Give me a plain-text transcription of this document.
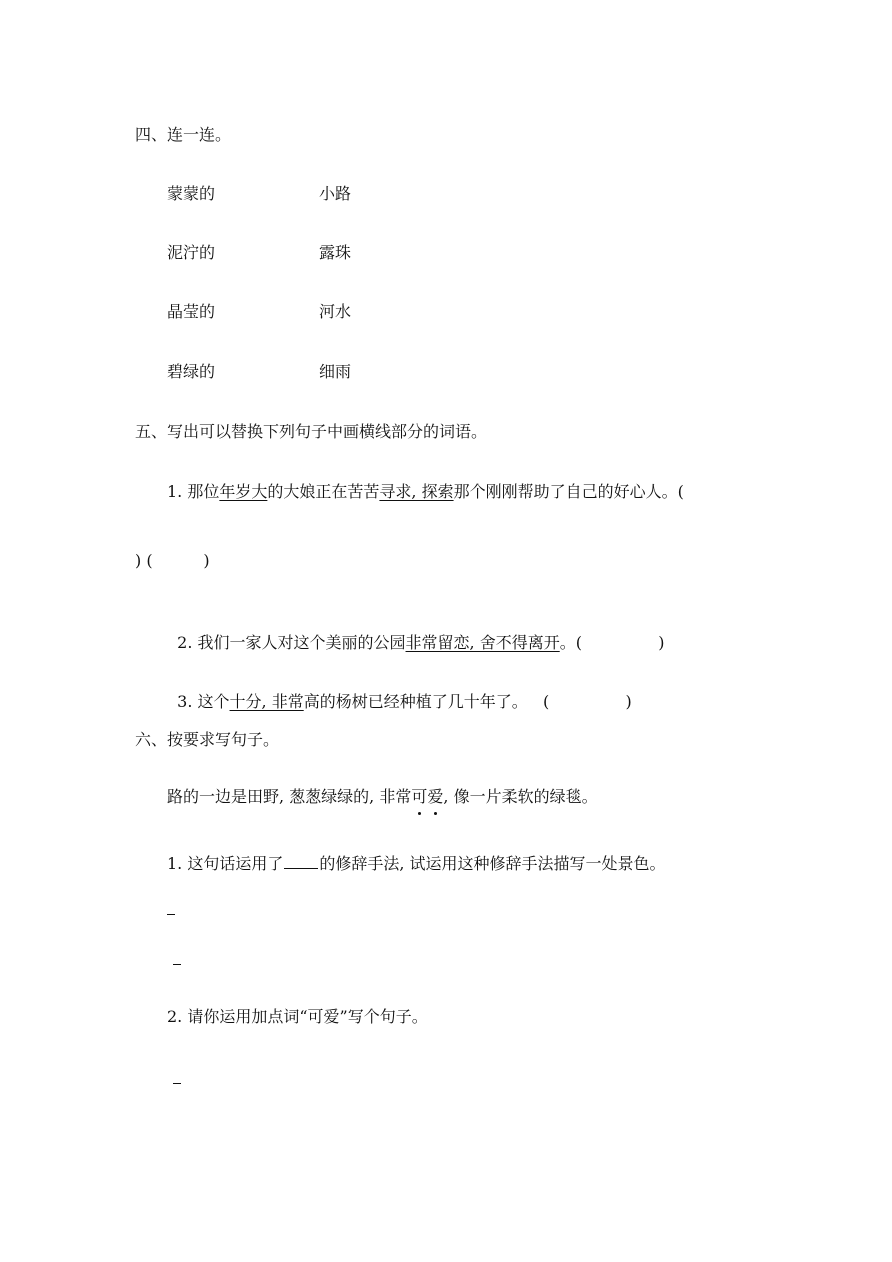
四、连一连。
蒙蒙的	小路
泥泞的	露珠
晶莹的	河水
碧绿的	细雨
五、写出可以替换下列句子中画横线部分的词语。
1. 那位年岁大的大娘正在苦苦寻求, 探索那个刚刚帮助了自己的好心人。(
) (          )

2. 我们一家人对这个美丽的公园非常留恋, 舍不得离开。(               )

3. 这个十分, 非常高的杨树已经种植了几十年了。   (               )

六、按要求写句子。
路的一边是田野, 葱葱绿绿的, 非常可爱, 像一片柔软的绿毯。
1. 这句话运用了 的修辞手法, 试运用这种修辞手法描写一处景色。
2. 请你运用加点词“可爱”写个句子。
